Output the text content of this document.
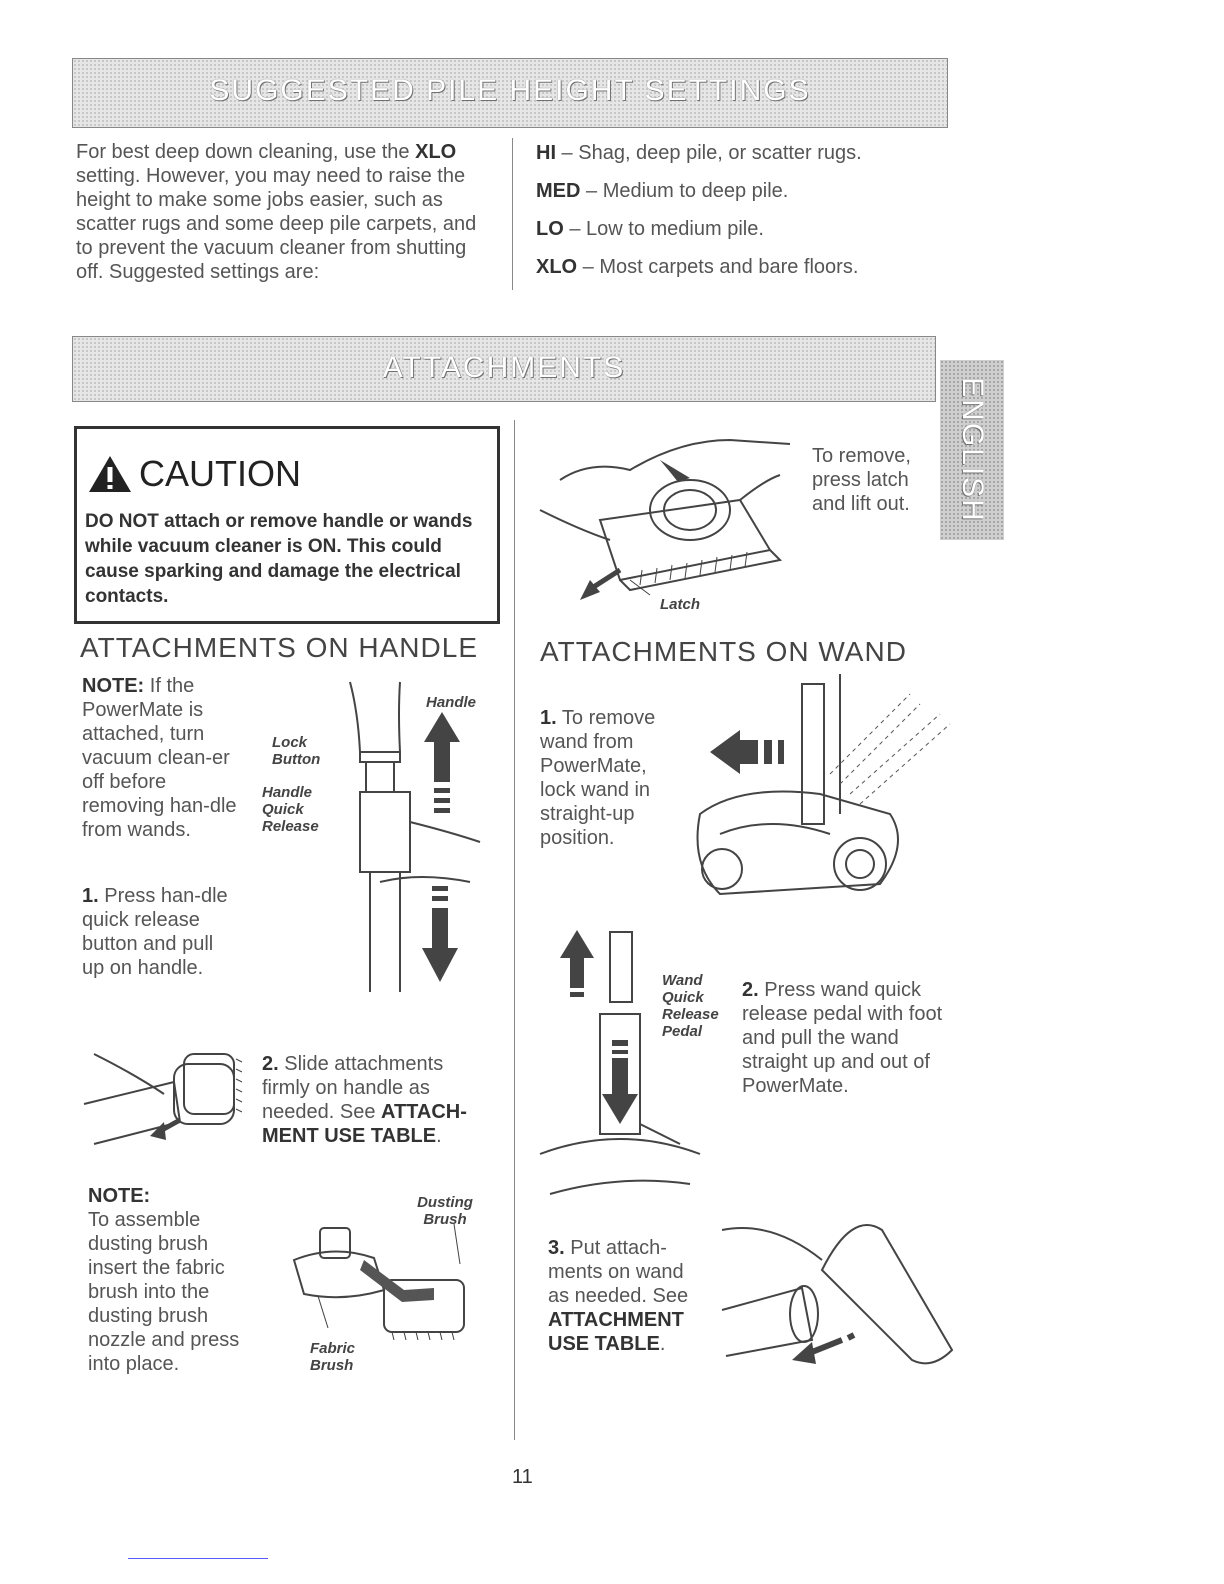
SUGGESTED PILE HEIGHT SETTINGS
For best deep down cleaning, use the XLO setting. However, you may need to raise the height to make some jobs easier, such as scatter rugs and some deep pile carpets, and to prevent the vacuum cleaner from shutting off. Suggested settings are:
HI – Shag, deep pile, or scatter rugs.
MED – Medium to deep pile.
LO – Low to medium pile.
XLO – Most carpets and bare floors.
ATTACHMENTS
ENGLISH
CAUTION
DO NOT attach or remove handle or wands while vacuum cleaner is ON. This could cause sparking and damage the electrical contacts.
To remove, press latch and lift out.
Latch
ATTACHMENTS ON HANDLE
NOTE: If the PowerMate is attached, turn vacuum clean-er off before removing han-dle from wands.
1. Press han-dle quick release button and pull up on handle.
Handle
Lock Button
Handle Quick Release
2. Slide attachments firmly on handle as needed. See ATTACH-MENT USE TABLE.
NOTE:
To assemble dusting brush insert the fabric brush into the dusting brush nozzle and press into place.
Dusting Brush
Fabric Brush
ATTACHMENTS ON WAND
1. To remove wand from PowerMate, lock wand in straight-up position.
Wand Quick Release Pedal
2. Press wand quick release pedal with foot and pull the wand straight up and out of PowerMate.
3. Put attach-ments on wand as needed. See ATTACHMENT USE TABLE.
11
